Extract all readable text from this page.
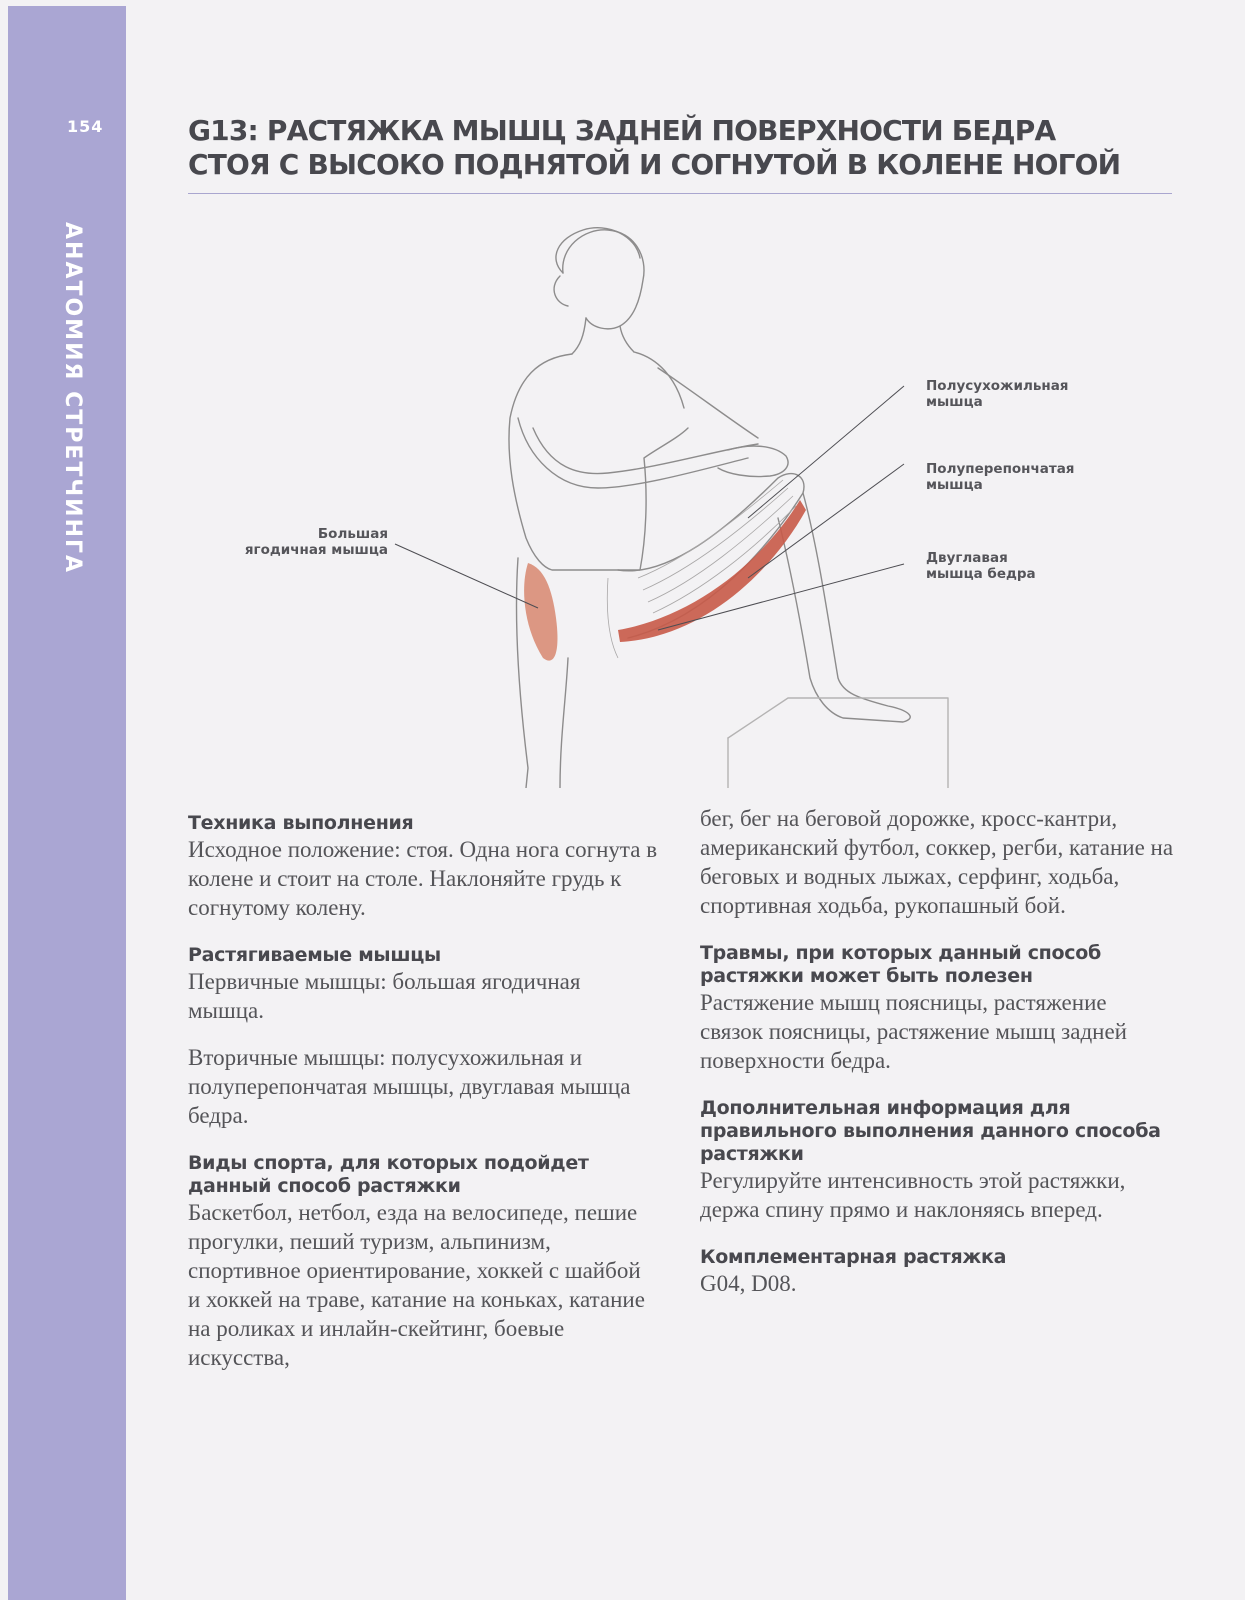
154
АНАТОМИЯ СТРЕТЧИНГА
G13: РАСТЯЖКА МЫШЦ ЗАДНЕЙ ПОВЕРХНОСТИ БЕДРА
СТОЯ С ВЫСОКО ПОДНЯТОЙ И СОГНУТОЙ В КОЛЕНЕ НОГОЙ
Большая
ягодичная мышца
Полусухожильная
мышца
Полуперепончатая
мышца
Двуглавая
мышца бедра
Техника выполнения

Исходное положение: стоя. Одна нога согнута в колене и стоит на столе. Наклоняйте грудь к согнутому колену.

Растягиваемые мышцы

Первичные мышцы: большая ягодичная мышца.

Вторичные мышцы: полусухожильная и полуперепончатая мышцы, двуглавая мышца бедра.

Виды спорта, для которых подойдет данный способ растяжки

Баскетбол, нетбол, езда на велосипеде, пешие прогулки, пеший туризм, альпинизм, спортивное ориентирование, хоккей с шайбой и хоккей на траве, катание на коньках, катание на роликах и инлайн-скейтинг, боевые искусства,

бег, бег на беговой дорожке, кросс-кантри, американский футбол, соккер, регби, катание на беговых и водных лыжах, серфинг, ходьба, спортивная ходьба, рукопашный бой.

Травмы, при которых данный способ растяжки может быть полезен

Растяжение мышц поясницы, растяжение связок поясницы, растяжение мышц задней поверхности бедра.

Дополнительная информация для правильного выполнения данного способа растяжки

Регулируйте интенсивность этой растяжки, держа спину прямо и наклоняясь вперед.

Комплементарная растяжка

G04, D08.
